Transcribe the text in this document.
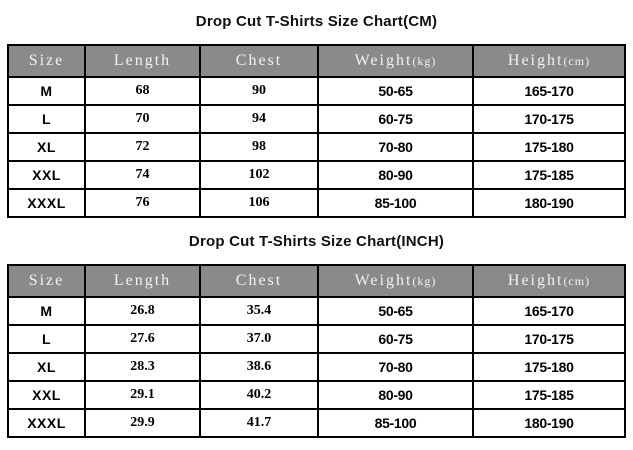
Drop Cut T-Shirts Size Chart(CM)
Size	Length	Chest	Weight(kg)	Height(cm)
M	68	90	50-65	165-170
L	70	94	60-75	170-175
XL	72	98	70-80	175-180
XXL	74	102	80-90	175-185
XXXL	76	106	85-100	180-190
Drop Cut T-Shirts Size Chart(INCH)
Size	Length	Chest	Weight(kg)	Height(cm)
M	26.8	35.4	50-65	165-170
L	27.6	37.0	60-75	170-175
XL	28.3	38.6	70-80	175-180
XXL	29.1	40.2	80-90	175-185
XXXL	29.9	41.7	85-100	180-190
